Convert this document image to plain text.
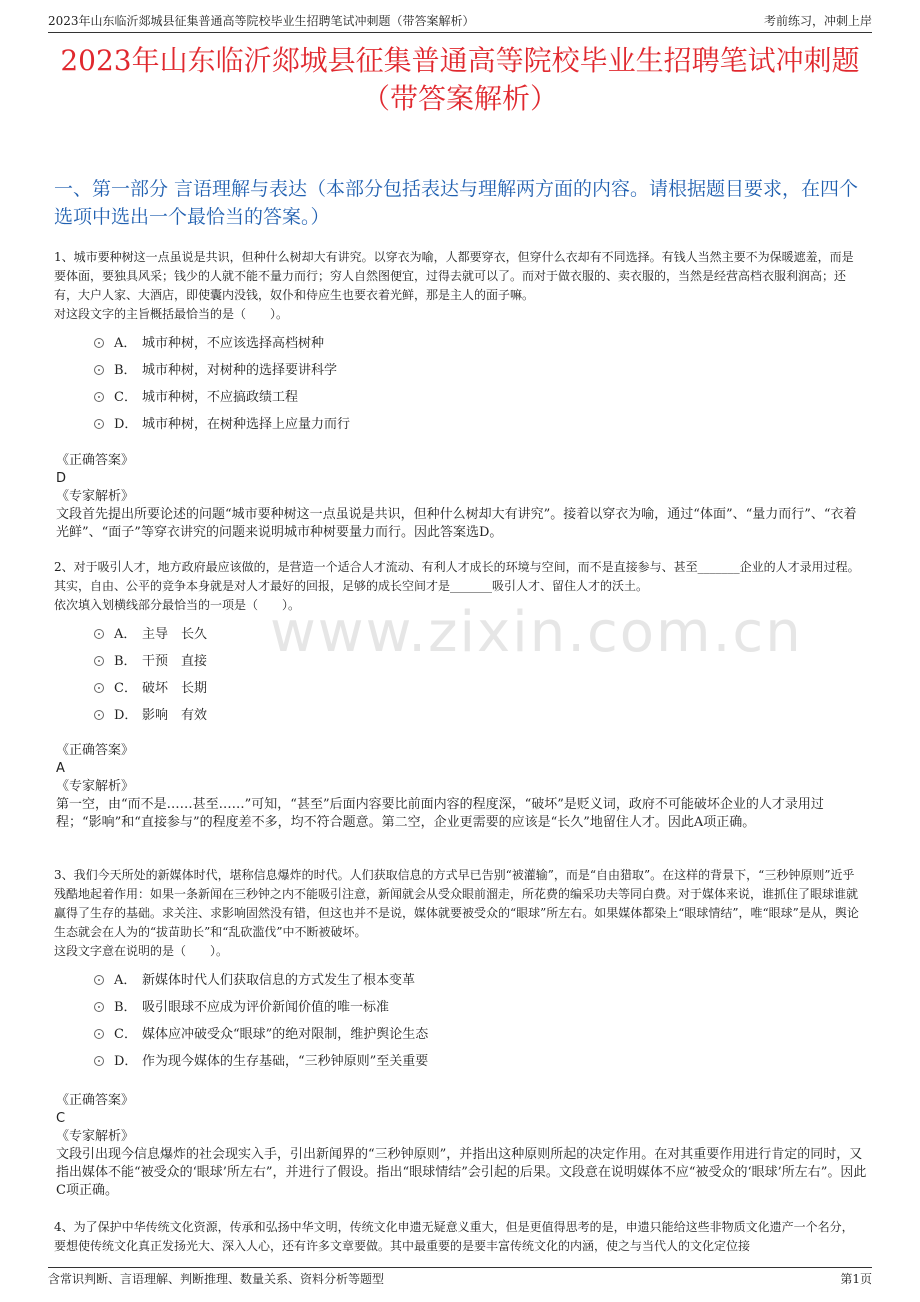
2023年山东临沂郯城县征集普通高等院校毕业生招聘笔试冲刺题（带答案解析）	考前练习，冲刺上岸
2023年山东临沂郯城县征集普通高等院校毕业生招聘笔试冲刺题（带答案解析）
一、第一部分 言语理解与表达（本部分包括表达与理解两方面的内容。请根据题目要求，在四个选项中选出一个最恰当的答案。）
www.zixin.com.cn

1、城市要种树这一点虽说是共识，但种什么树却大有讲究。以穿衣为喻，人都要穿衣，但穿什么衣却有不同选择。有钱人当然主要不为保暖遮羞，而是要体面，要独具风采；钱少的人就不能不量力而行；穷人自然图便宜，过得去就可以了。而对于做衣服的、卖衣服的，当然是经营高档衣服利润高；还有，大户人家、大酒店，即使囊内没钱，奴仆和侍应生也要衣着光鲜，那是主人的面子嘛。

对这段文字的主旨概括最恰当的是（　　）。

A． 城市种树，不应该选择高档树种
B． 城市种树，对树种的选择要讲科学
C． 城市种树，不应搞政绩工程
D． 城市种树，在树种选择上应量力而行
《正确答案》
D
《专家解析》
文段首先提出所要论述的问题“城市要种树这一点虽说是共识，但种什么树却大有讲究”。接着以穿衣为喻，通过“体面”、“量力而行”、“衣着光鲜”、“面子”等穿衣讲究的问题来说明城市种树要量力而行。因此答案选D。

2、对于吸引人才，地方政府最应该做的，是营造一个适合人才流动、有利人才成长的环境与空间，而不是直接参与、甚至_______企业的人才录用过程。其实，自由、公平的竞争本身就是对人才最好的回报，足够的成长空间才是_______吸引人才、留住人才的沃土。

依次填入划横线部分最恰当的一项是（　　）。

A． 主导　长久
B． 干预　直接
C． 破坏　长期
D． 影响　有效
《正确答案》
A
《专家解析》
第一空，由“而不是……甚至……”可知，“甚至”后面内容要比前面内容的程度深，“破坏”是贬义词，政府不可能破坏企业的人才录用过程；“影响”和“直接参与”的程度差不多，均不符合题意。第二空，企业更需要的应该是“长久”地留住人才。因此A项正确。

3、我们今天所处的新媒体时代，堪称信息爆炸的时代。人们获取信息的方式早已告别“被灌输”，而是“自由猎取”。在这样的背景下，“三秒钟原则”近乎残酷地起着作用：如果一条新闻在三秒钟之内不能吸引注意，新闻就会从受众眼前溜走，所花费的编采功夫等同白费。对于媒体来说，谁抓住了眼球谁就赢得了生存的基础。求关注、求影响固然没有错，但这也并不是说，媒体就要被受众的“眼球”所左右。如果媒体都染上“眼球情结”，唯“眼球”是从，舆论生态就会在人为的“拔苗助长”和“乱砍滥伐”中不断被破坏。

这段文字意在说明的是（　　）。

A． 新媒体时代人们获取信息的方式发生了根本变革
B． 吸引眼球不应成为评价新闻价值的唯一标准
C． 媒体应冲破受众“眼球”的绝对限制，维护舆论生态
D． 作为现今媒体的生存基础，“三秒钟原则”至关重要
《正确答案》
C
《专家解析》
文段引出现今信息爆炸的社会现实入手，引出新闻界的“三秒钟原则”，并指出这种原则所起的决定作用。在对其重要作用进行肯定的同时，又指出媒体不能“被受众的‘眼球’所左右”，并进行了假设。指出“眼球情结”会引起的后果。文段意在说明媒体不应“被受众的‘眼球’所左右”。因此C项正确。

4、为了保护中华传统文化资源，传承和弘扬中华文明，传统文化申遗无疑意义重大，但是更值得思考的是，申遗只能给这些非物质文化遗产一个名分，要想使传统文化真正发扬光大、深入人心，还有许多文章要做。其中最重要的是要丰富传统文化的内涵，使之与当代人的文化定位接

含常识判断、言语理解、判断推理、数量关系、资料分析等题型	第1页
